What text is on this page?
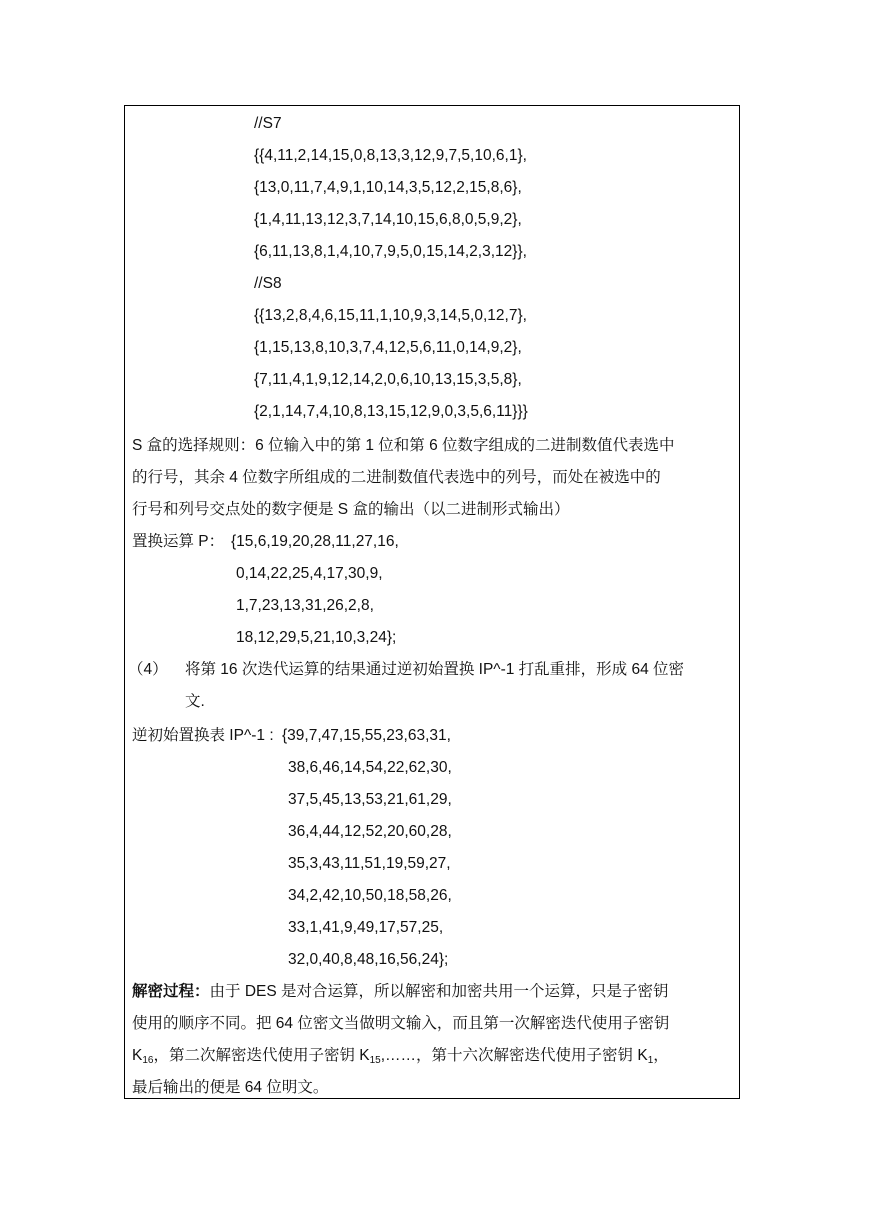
//S7
{{4,11,2,14,15,0,8,13,3,12,9,7,5,10,6,1},
{13,0,11,7,4,9,1,10,14,3,5,12,2,15,8,6},
{1,4,11,13,12,3,7,14,10,15,6,8,0,5,9,2},
{6,11,13,8,1,4,10,7,9,5,0,15,14,2,3,12}},
//S8
{{13,2,8,4,6,15,11,1,10,9,3,14,5,0,12,7},
{1,15,13,8,10,3,7,4,12,5,6,11,0,14,9,2},
{7,11,4,1,9,12,14,2,0,6,10,13,15,3,5,8},
{2,1,14,7,4,10,8,13,15,12,9,0,3,5,6,11}}}
S 盒的选择规则：6 位输入中的第 1 位和第 6 位数字组成的二进制数值代表选中
的行号，其余 4 位数字所组成的二进制数值代表选中的列号，而处在被选中的
行号和列号交点处的数字便是 S 盒的输出（以二进制形式输出）
置换运算 P： {15,6,19,20,28,11,27,16,
0,14,22,25,4,17,30,9,
1,7,23,13,31,26,2,8,
18,12,29,5,21,10,3,24};
（4） 将第 16 次迭代运算的结果通过逆初始置换 IP^-1 打乱重排，形成 64 位密
文.
逆初始置换表 IP^-1 : {39,7,47,15,55,23,63,31,
38,6,46,14,54,22,62,30,
37,5,45,13,53,21,61,29,
36,4,44,12,52,20,60,28,
35,3,43,11,51,19,59,27,
34,2,42,10,50,18,58,26,
33,1,41,9,49,17,57,25,
32,0,40,8,48,16,56,24};
解密过程：由于 DES 是对合运算，所以解密和加密共用一个运算，只是子密钥
使用的顺序不同。把 64 位密文当做明文输入，而且第一次解密迭代使用子密钥
$K_{16}$，第二次解密迭代使用子密钥 $K_{15},\dots\dots$，第十六次解密迭代使用子密钥 $K_1$，
最后输出的便是 64 位明文。
